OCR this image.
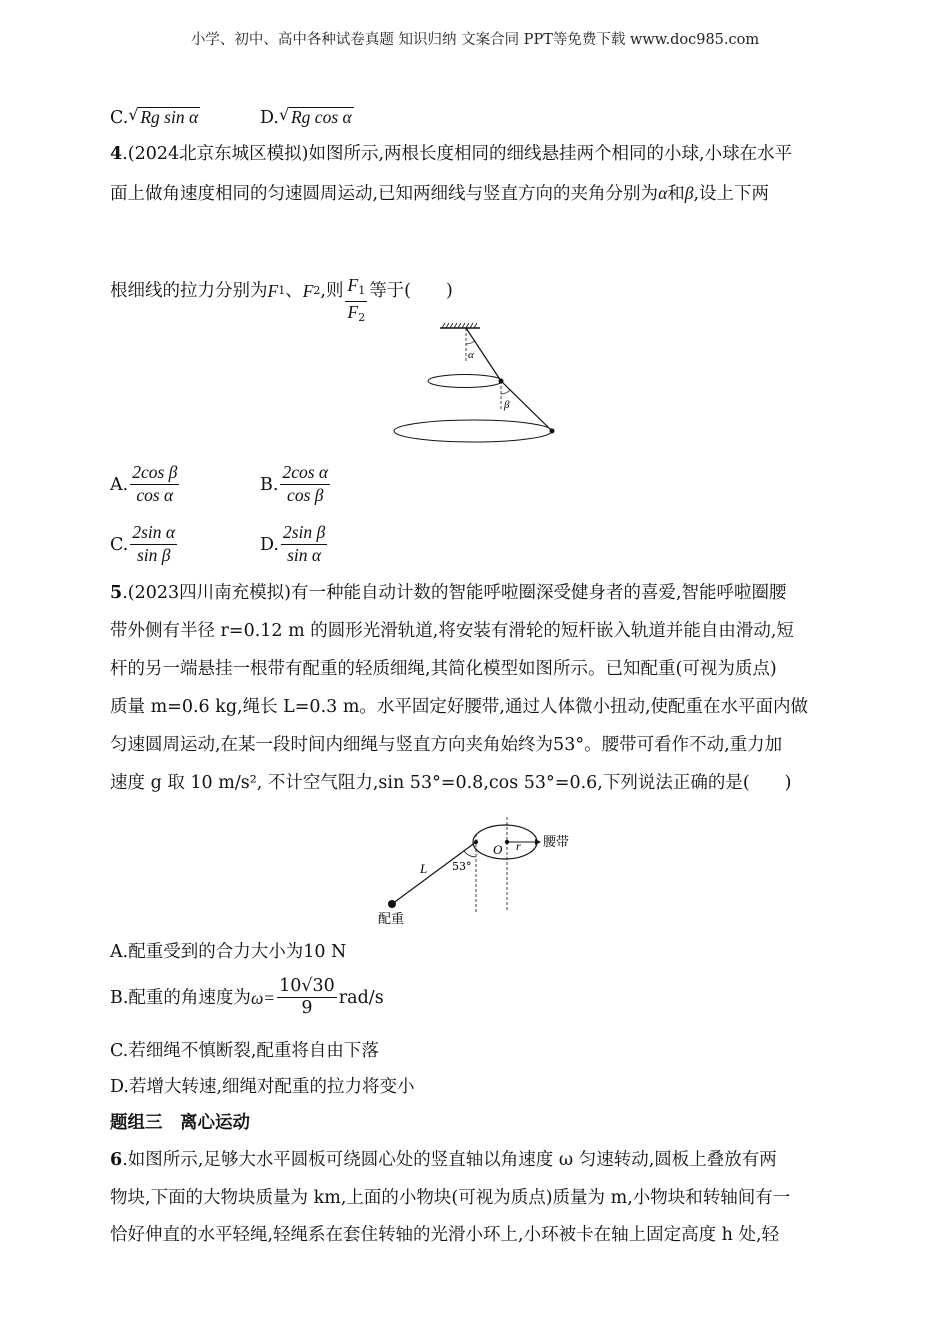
小学、初中、高中各种试卷真题 知识归纳 文案合同 PPT等免费下载 www.doc985.com
C. √ Rg sin α	D. √ Rg cos α
4.(2024北京东城区模拟)如图所示,两根长度相同的细线悬挂两个相同的小球,小球在水平
面上做角速度相同的匀速圆周运动,已知两细线与竖直方向的夹角分别为α和β,设上下两
根细线的拉力分别为 F 1 、 F 2 ,则 $\frac{F_1}{F_2}$ 等于(　　)
α
β
A. $\frac{\text{2cos β}}{\text{cos α}}$	B. $\frac{\text{2cos α}}{\text{cos β}}$
C. $\frac{\text{2sin α}}{\text{sin β}}$	D. $\frac{\text{2sin β}}{\text{sin α}}$
5.(2023四川南充模拟)有一种能自动计数的智能呼啦圈深受健身者的喜爱,智能呼啦圈腰
带外侧有半径 r=0.12 m 的圆形光滑轨道,将安装有滑轮的短杆嵌入轨道并能自由滑动,短
杆的另一端悬挂一根带有配重的轻质细绳,其简化模型如图所示。已知配重(可视为质点)
质量 m=0.6 kg,绳长 L=0.3 m。水平固定好腰带,通过人体微小扭动,使配重在水平面内做
匀速圆周运动,在某一段时间内细绳与竖直方向夹角始终为53°。腰带可看作不动,重力加
速度 g 取 10 m/s², 不计空气阻力,sin 53°=0.8,cos 53°=0.6,下列说法正确的是(　　)
O r 腰带
L 53°
配重
A.配重受到的合力大小为10 N
B.配重的角速度为 $\omega= \frac{10√30}{9} rad/s$
C.若细绳不慎断裂,配重将自由下落
D.若增大转速,细绳对配重的拉力将变小
题组三　离心运动
6.如图所示,足够大水平圆板可绕圆心处的竖直轴以角速度 ω 匀速转动,圆板上叠放有两
物块,下面的大物块质量为 km,上面的小物块(可视为质点)质量为 m,小物块和转轴间有一
恰好伸直的水平轻绳,轻绳系在套住转轴的光滑小环上,小环被卡在轴上固定高度 h 处,轻
